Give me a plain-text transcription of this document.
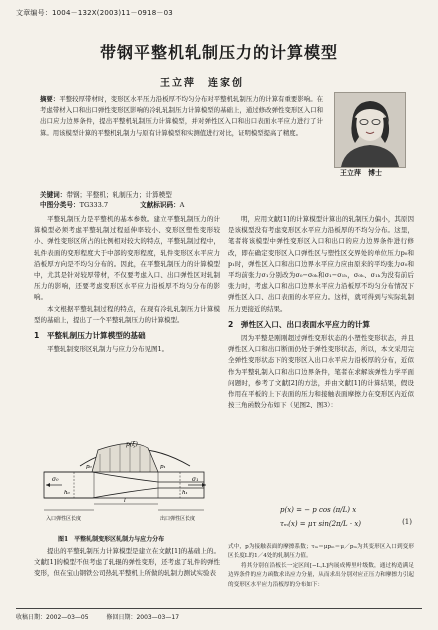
文章编号：1004－132Ⅹ(2003)11－0918－03
带钢平整机轧制压力的计算模型
王立萍　连家创
王立萍　博士
摘要：平整较厚带材时，变形区水平压力沿板厚不均匀分布对平整机轧制压力的计算有重要影响。在考虑带材入口和出口弹性变形区影响的冷轧轧制压力计算模型的基础上，通过修改弹性变形区入口和出口应力边界条件，提出平整机轧制压力计算模型，并对弹性区入口和出口表面水平应力进行了计算。用该模型计算的平整机轧制力与原有计算模型和实测值进行对比，证明模型提高了精度。
关键词：带钢；平整机；轧制压力；计算模型
中图分类号：TG333.7	文献标识码：A

平整轧制压力是平整机的基本参数。建立平整轧制压力的计算模型必须考虑平整轧制过程延伸率较小、变形区塑性变形较小、弹性变形区所占的比例相对较大的特点，平整轧制过程中，轧件表面的变形程度大于中部的变形程度，轧件变形区水平应力沿板厚方向是不均匀分布的。因此，在平整轧制压力的计算模型中，尤其是针对较厚带材，不仅要考虑入口、出口弹性区对轧制压力的影响，还要考虑变形区水平应力沿板厚不均匀分布的影响。

本文根据平整轧制过程的特点，在现有冷轧轧制压力计算模型的基础上，提出了一个平整轧制压力的计算模型。

1　平整轧制压力计算模型的基础

平整轧制变形区轧制力与应力分布见图1。

p(ξ)
σ₀	σ₁
p₀	p₁
h₀	h₁
l
入口弹性区长度	出口弹性区长度
图1　平整轧制变形区轧制力与应力分布

提出的平整轧制压力计算模型是建立在文献[1]的基础上的。文献[1]的模型不但考虑了轧辊的弹性变形，还考虑了轧件的弹性变形，但在宝山钢铁公司热轧平整机上所做的轧制力测试实验表

明，应用文献[1]的计算模型计算出的轧制压力偏小，其原因是该模型没有考虑变形区水平应力沿板厚的不均匀分布。这里，笔者将该模型中弹性变形区入口和出口的应力边界条件进行修改，即在确定变形区入口弹性区与塑性区交界处的单位压力p₀和p₁时，弹性区入口和出口边界水平应力应由原来的平均张力σ₀和平均前张力σ₁分别改为σ₀−σ₀ₕ和σ₁−σ₁ₕ，σ₀ₕ、σ₁ₕ为没有前后张力时，考虑入口和出口边界水平应力沿板厚不均匀分布情况下弹性区入口、出口表面的水平应力。这样，就可得到与实际轧制压力更接近的结果。

2　弹性区入口、出口表面水平应力的计算

因为平整是刚刚超过弹性变形状态的小塑性变形状态，并且弹性区入口和出口断面仍处于弹性变形状态，所以，本文采用完全弹性变形状态下的变形区入出口水平应力沿板厚的分布，近似作为平整轧制入口和出口边界条件，笔者在求解该弹性力学平面问题时，参考了文献[2]的方法，并由文献[1]的计算结果，假设作用在平板的上下表面的压力和接触表面摩擦力在变形区内近似按三角函数分布如下（见图2、图3）：

p(x) = − p cos (π/L) x
τₘ(x) = μτ sin(2π/L · x)	(1)

式中，p为接触表面的摩擦系数；τₘ＝μpₘ＝μ／pₘ为其变形区入口到变形区长度L的1／4处的轧制压力值。

将其分别在沿板长一定区间[−L,L]内展成傅里叶级数，通过构造满足边界条件的应力函数求出应力分量，从而求出分别对应正压力和摩擦力引起的变形区水平应力沿板厚的分布如下：

收稿日期：2002—03—05	修回日期：2003—03—17
